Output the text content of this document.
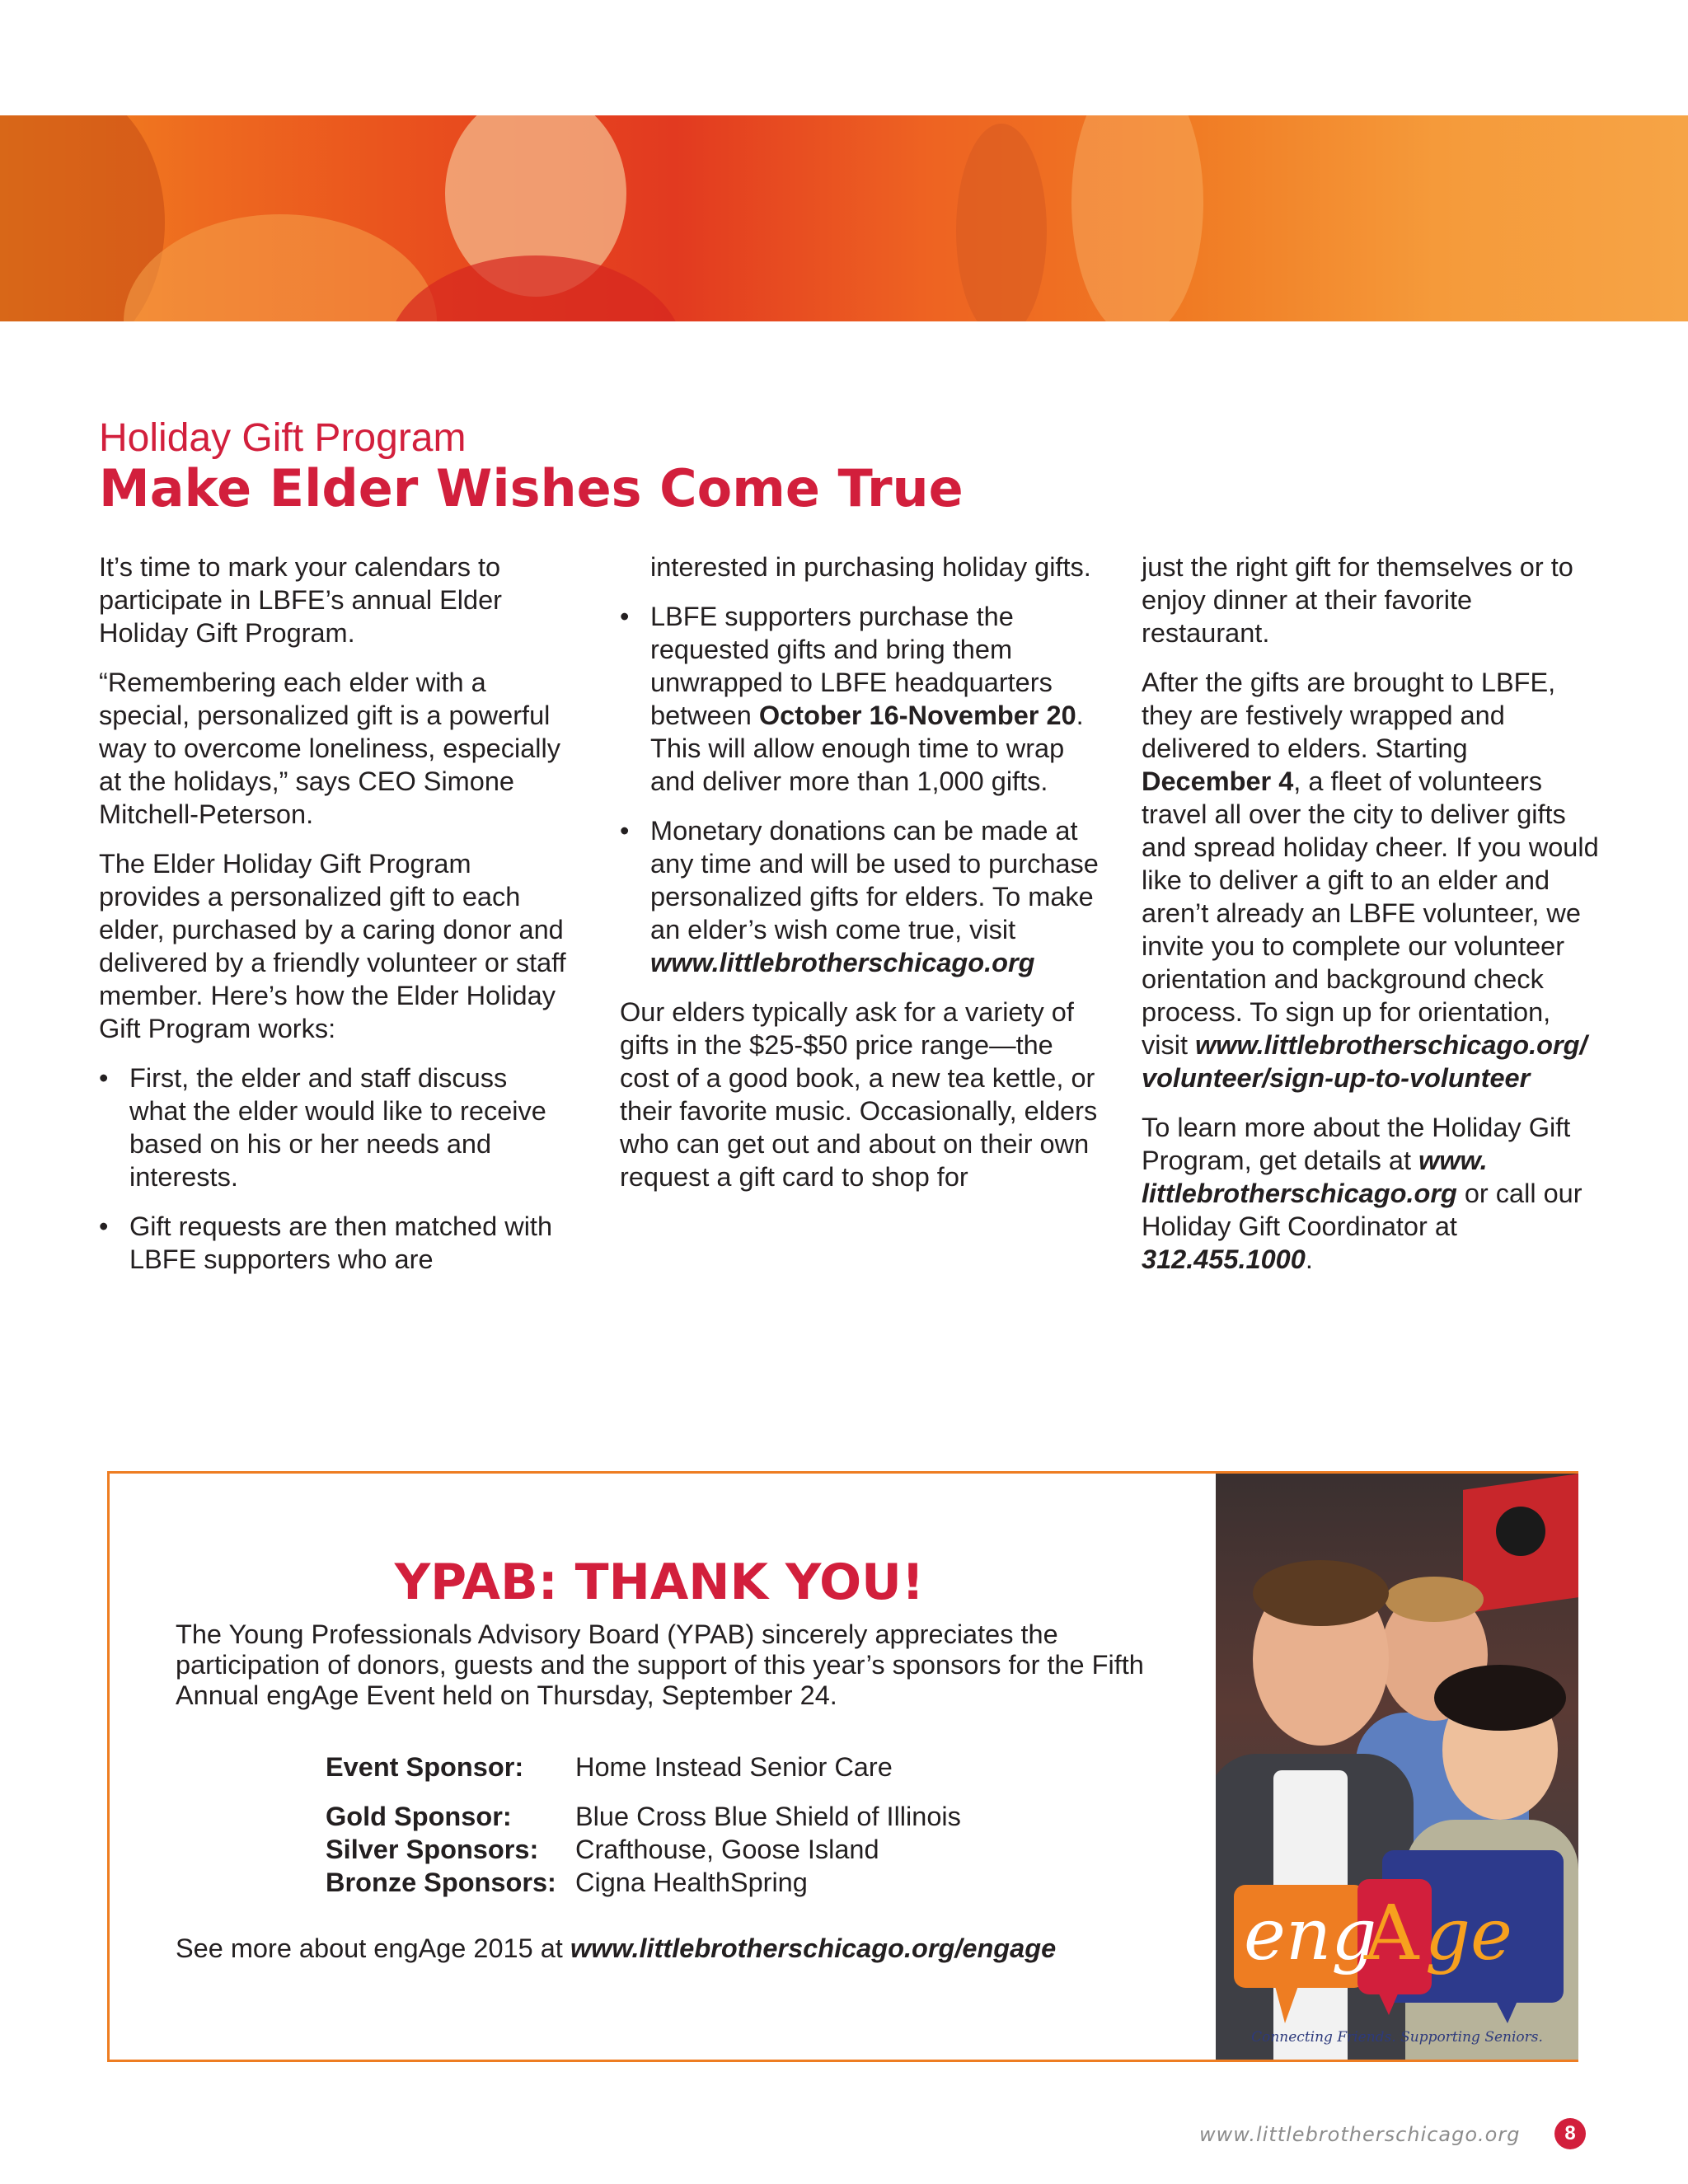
Holiday Gift Program
Make Elder Wishes Come True

It’s time to mark your calendars to participate in LBFE’s annual Elder Holiday Gift Program.

“Remembering each elder with a special, personalized gift is a powerful way to overcome loneliness, especially at the holidays,” says CEO Simone Mitchell-Peterson.

The Elder Holiday Gift Program provides a personalized gift to each elder, purchased by a caring donor and delivered by a friendly volunteer or staff member. Here’s how the Elder Holiday Gift Program works:

• First, the elder and staff discuss what the elder would like to receive based on his or her needs and interests.
• Gift requests are then matched with LBFE supporters who are
interested in purchasing holiday gifts.
• LBFE supporters purchase the requested gifts and bring them unwrapped to LBFE headquarters between October 16-November 20. This will allow enough time to wrap and deliver more than 1,000 gifts.
• Monetary donations can be made at any time and will be used to purchase personalized gifts for elders. To make an elder’s wish come true, visit www.littlebrotherschicago.org

Our elders typically ask for a variety of gifts in the $25-$50 price range—the cost of a good book, a new tea kettle, or their favorite music. Occasionally, elders who can get out and about on their own request a gift card to shop for

just the right gift for themselves or to enjoy dinner at their favorite restaurant.

After the gifts are brought to LBFE, they are festively wrapped and delivered to elders. Starting December 4, a fleet of volunteers travel all over the city to deliver gifts and spread holiday cheer. If you would like to deliver a gift to an elder and aren’t already an LBFE volunteer, we invite you to complete our volunteer orientation and background check process. To sign up for orientation, visit www.littlebrotherschicago.org/ volunteer/sign-up-to-volunteer

To learn more about the Holiday Gift Program, get details at www. littlebrotherschicago.org or call our Holiday Gift Coordinator at 312.455.1000.

YPAB: THANK YOU!

The Young Professionals Advisory Board (YPAB) sincerely appreciates the participation of donors, guests and the support of this year’s sponsors for the Fifth Annual engAge Event held on Thursday, September 24.

Event Sponsor:	Home Instead Senior Care
Gold Sponsor:	Blue Cross Blue Shield of Illinois
Silver Sponsors:	Crafthouse, Goose Island
Bronze Sponsors: Cigna HealthSpring

See more about engAge 2015 at www.littlebrotherschicago.org/engage	eng
A ge

Connecting Friends. Supporting Seniors.

www.littlebrotherschicago.org	8
